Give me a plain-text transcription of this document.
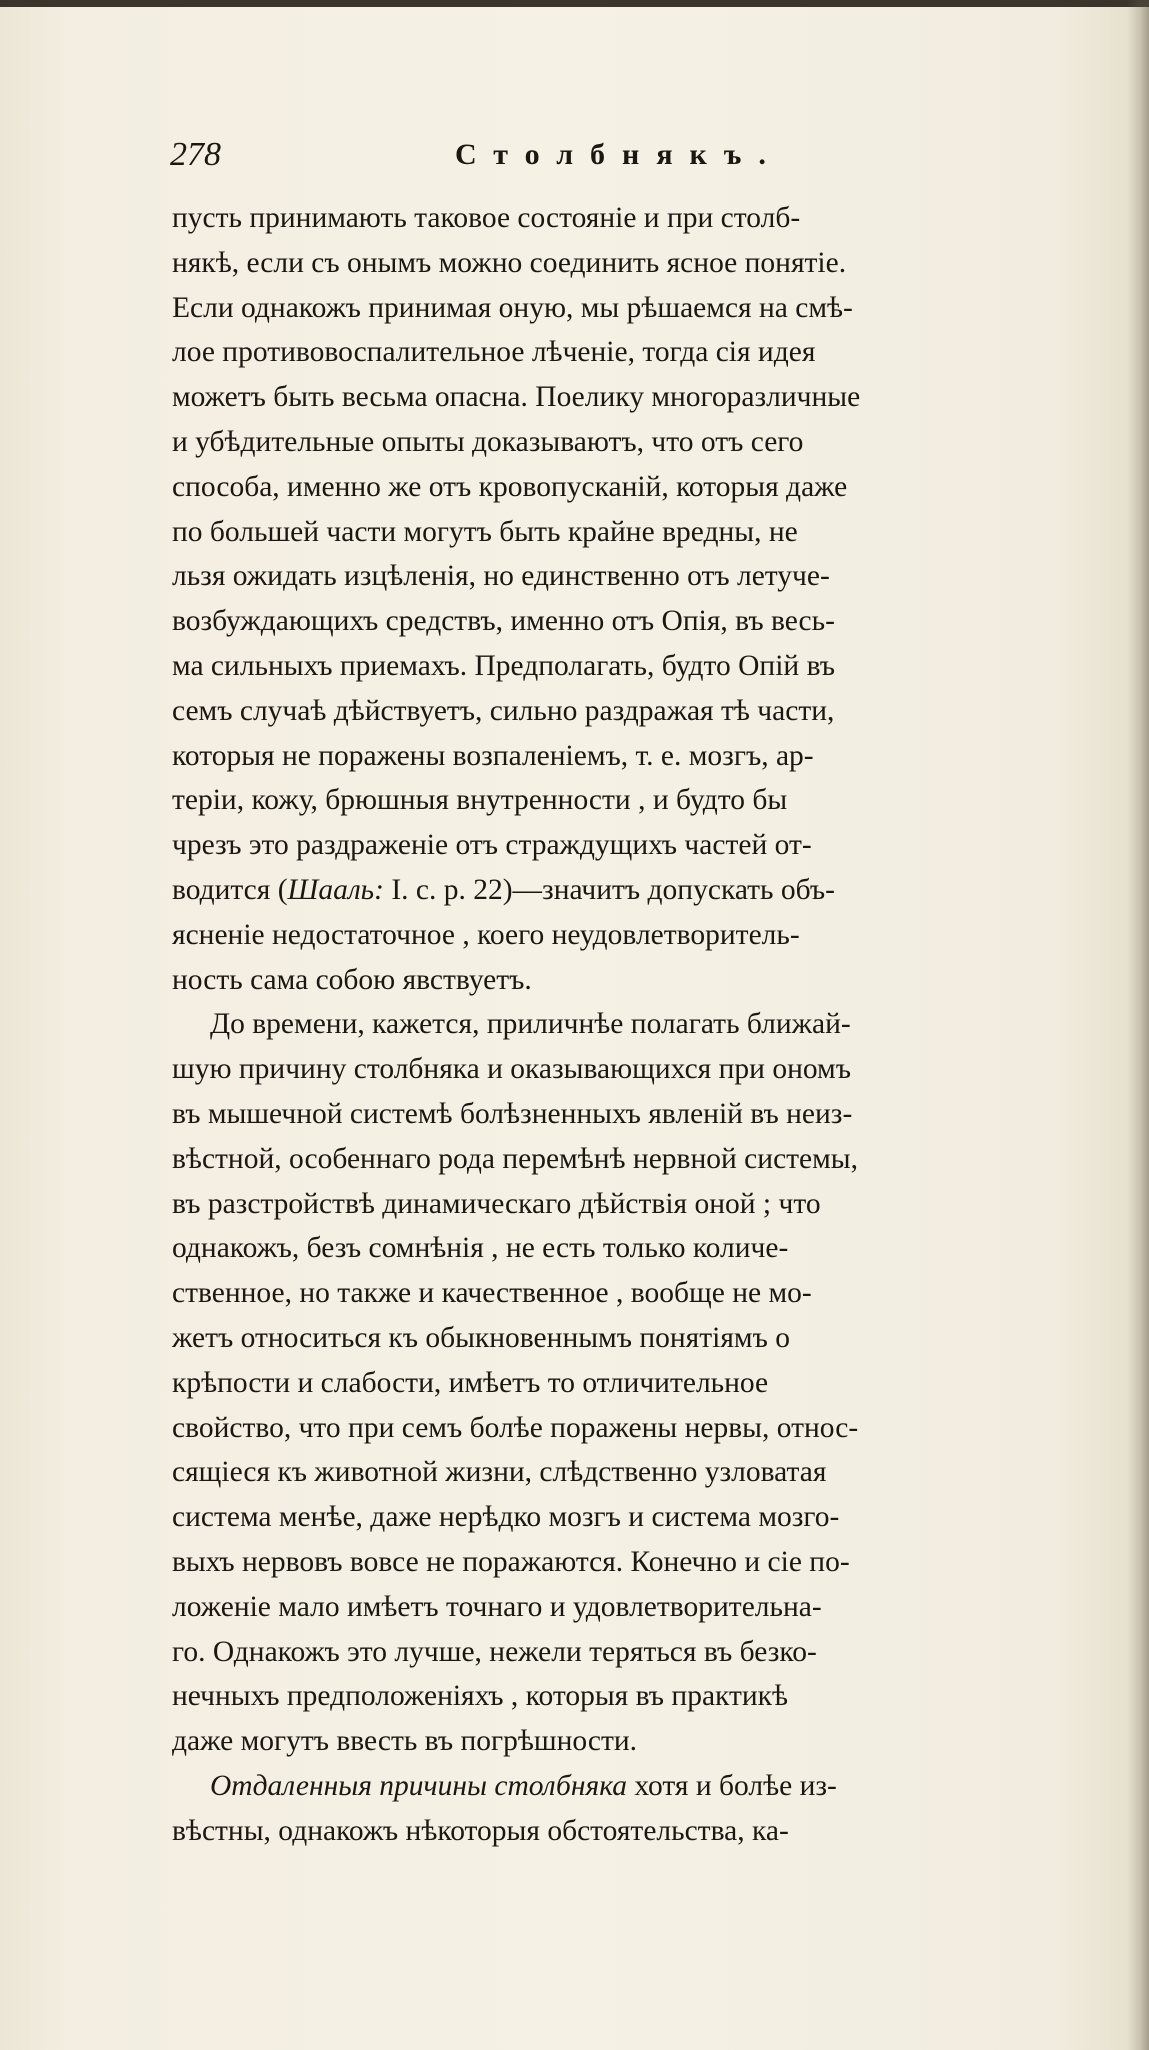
278	Столбнякъ.
пусть принимають таковое состояніе и при столб-
някѣ, если съ онымъ можно соединить ясное понятіе.
Если однакожъ принимая оную, мы рѣшаемся на смѣ-
лое противовоспалительное лѣченіе, тогда сія идея
можетъ быть весьма опасна. Поелику многоразличные
и убѣдительные опыты доказываютъ, что отъ сего
способа, именно же отъ кровопусканій, которыя даже
по большей части могутъ быть крайне вредны, не
льзя ожидать изцѣленія, но единственно отъ летуче-
возбуждающихъ средствъ, именно отъ Опія, въ весь-
ма сильныхъ приемахъ. Предполагать, будто Опій въ
семъ случаѣ дѣйствуетъ, сильно раздражая тѣ части,
которыя не поражены возпаленіемъ, т. е. мозгъ, ар-
теріи, кожу, брюшныя внутренности , и будто бы
чрезъ это раздраженіе отъ страждущихъ частей от-
водится (Шааль: I. c. p. 22)—значитъ допускать объ-
ясненіе недостаточное , коего неудовлетворитель-
ность сама собою явствуетъ.
До времени, кажется, приличнѣе полагать ближай-
шую причину столбняка и оказывающихся при ономъ
въ мышечной системѣ болѣзненныхъ явленій въ неиз-
вѣстной, особеннаго рода перемѣнѣ нервной системы,
въ разстройствѣ динамическаго дѣйствія оной ; что
однакожъ, безъ сомнѣнія , не есть только количе-
ственное, но также и качественное , вообще не мо-
жетъ относиться къ обыкновеннымъ понятіямъ о
крѣпости и слабости, имѣетъ то отличительное
свойство, что при семъ болѣе поражены нервы, относ-
сящіеся къ животной жизни, слѣдственно узловатая
система менѣе, даже нерѣдко мозгъ и система мозго-
выхъ нервовъ вовсе не поражаются. Конечно и сіе по-
ложеніе мало имѣетъ точнаго и удовлетворительна-
го. Однакожъ это лучше, нежели теряться въ безко-
нечныхъ предположеніяхъ , которыя въ практикѣ
даже могутъ ввесть въ погрѣшности.
Отдаленныя причины столбняка хотя и болѣе из-
вѣстны, однакожъ нѣкоторыя обстоятельства, ка-
